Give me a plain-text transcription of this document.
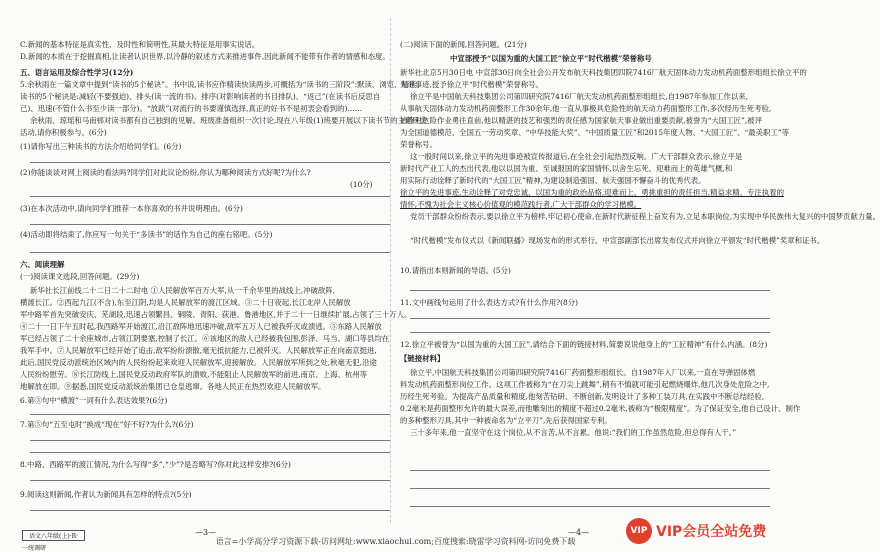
C.新闻的基本特征是真实性、及时性和简明性,其最大特征是用事实说话。
D.新闻的本质在于挖掘真相,让读者认识世界,以冷静的叙述方式来推进事件,因此新闻不能带有作者的情感和态度。
五、语言运用及综合性学习(12分)
5.余秋雨在一篇文章中提到“读书的5个秘诀”。书中说,读书应作精读快读两步,可概括为“读书的三阶段”:默读、浏览、精读。
读书的5个秘诀是:减轻(不要强迫)、排头(读一流的书)、排序(对影响读者的书目排队)、“返己”(在读书后反思自
己)、迅速(不管什么书至少读一部分)。“放跋”(对流行的书要谨慎选择,真正的好书不是初衷会看到的)……
余秋雨、琼瑶和马南邨对读书都有自己独到的见解。班级准备组织一次讨论,现在八年级(1)班要开展以下读书节的主题班会
活动,请你积极参与。(6分)
(1)请你写出三种读书的方法介绍给同学们。(6分)
(2)你能谈谈对网上阅读的看法吗?同学们对此议论纷纷,你认为哪种阅读方式好呢?为什么?
(10分)
(3)在本次活动中,请向同学们推荐一本你喜欢的书并说明理由。(6分)
(4)活动即将结束了,你应写一句关于“多读书”的话作为自己的座右铭吧。(5分)
六、阅读理解
(一)阅读课文选段,回答问题。(29分)
新华社长江前线二十二日二十二时电 ①人民解放军百万大军,从一千余华里的战线上,冲破敌阵,
横渡长江。②西起九江(不含),东至江阴,均是人民解放军的渡江区域。③二十日夜起,长江北岸人民解放
军中路军首先突破安庆、芜湖段,迅速占领繁昌、铜陵、青阳、荻港、鲁港地区,并于二十一日继续扩展,占领了三十万人。
④二十一日下午五时起,我西路军开始渡江,沿江敌阵地迅速冲破,敌军五万人已被我歼灭或溃逃。⑤东路人民解放
军已经占领了二十余座城市,占领江阴要塞,控制了长江。⑥该地区的敌人已经被我包围,彭泽、马当、湖口等县均在
我军手中。⑦人民解放军已经开始了追击,敌军纷纷溃散,毫无抵抗能力,已被歼灭。人民解放军正在向南京挺进,
此后,国民党反动派统治区域内的人民纷纷起来欢迎人民解放军,迎接解放。人民解放军所到之处,秋毫无犯,沿途
人民纷纷慰劳。⑧长江防线上,国民党反动政府军队的溃败,不能阻止人民解放军的前进,南京、上海、杭州等
地解放在即。⑨据悉,国民党反动派统治集团已仓皇逃窜。各地人民正在热烈欢迎人民解放军。
6.第③句中“横渡”一词有什么表达效果?(6分)
7.第⑤句“五至屯时”换成“现在”好不好?为什么?(6分)
8.中路、西路军的渡江情况,为什么写得“多”,“少”?是否略写?你对此这样安排?(6分)
9.阅读这则新闻,作者认为新闻具有怎样的特点?(5分)
语文八年级(上)·R·
一统调研
—3—
(二)阅读下面的新闻,回答问题。(21分)
中宣部授予“以国为重的大国工匠”徐立平“时代楷模”荣誉称号
新华社北京5月30日电 中宣部30日向全社会公开发布航天科技集团四院7416厂航天固体动力发动机药面整形组组长徐立平的
先进事迹,授予徐立平“时代楷模”荣誉称号。
徐立平是中国航天科技集团公司第四研究院7416厂航天发动机药面整形组组长,自1987年参加工作以来,
从事航天固体动力发动机药面整形工作30余年,他一直从事极具危险性的航天动力药面整形工作,多次经历生死考验,
始终对危险作业勇往直前,他以精湛的技艺和强烈的责任感为国家航天事业做出重要贡献,被誉为“大国工匠”,被评
为全国道德模范、全国五一劳动奖章、“中华技能大奖”、“中国质量工匠”和2015年度人物、“大国工匠”、“最美职工”等
荣誉称号。
这一殷时间以来,徐立平的先进事迹被宣传报道后,在全社会引起热烈反响。广大干部群众表示,徐立平是
新时代产业工人的杰出代表,他以以国为重、至诚报国的家国情怀,以舍生忘死、迎难而上的英雄气概,和
用实际行动诠释了新时代的“大国工匠”精神,为建设制造强国、航天强国不懈奋斗的优秀代表。
徐立平的先进事迹,生动诠释了对党忠诚、以国为重的政治品格,迎难而上、勇挑重担的责任担当,精益求精、专注执着的
情怀,不愧为社会主义核心价值观的模范践行者,广大干部群众的学习楷模。
党员干部群众纷纷表示,要以徐立平为榜样,牢记初心使命,在新时代新征程上奋发有为,立足本职岗位,为实现中华民族伟大复兴的中国梦贡献力量。
“时代楷模”发布仪式以《新闻联播》现场发布的形式举行。中宣部副部长出席发布仪式并向徐立平颁发“时代楷模”奖章和证书。
10.请指出本则新闻的导语。(5分)
11.文中画线句运用了什么表达方式?有什么作用?(8分)
12.徐立平被誉为“以国为重的大国工匠”,请结合下面的链接材料,简要说说他身上的“工匠精神”有什么内涵。(8分)
【链接材料】
徐立平,中国航天科技集团公司第四研究院7416厂药面整形组组长。自1987年入厂以来,一直在导弹固体燃
料发动机药面整形岗位工作。这项工作被称为“在刀尖上跳舞”,稍有不慎就可能引起燃烧爆炸,他几次身处危险之中,
历经生死考验。为提高产品质量和精度,他刻苦钻研、不断创新,发明设计了多种工装刀具,在实践中不断总结经验,
0.2毫米是药面整形允许的最大误差,而他雕刻出的精度不超过0.2毫米,被称为“极限精度”。为了保证安全,他自己设计、制作
的多种整形刀具,其中一种被命名为“立平刀”,先后获得国家专利。
三十多年来,他一直坚守在这个岗位,从不言苦,从不言累。他说:“我们的工作虽然危险,但总得有人干。”
—4—
语言=小学高分学习资源下载-访问网址:www.xiaochui.com;百度搜索:晓雷学习资料网-访问免费下载
VIP VIP会员全站免费
